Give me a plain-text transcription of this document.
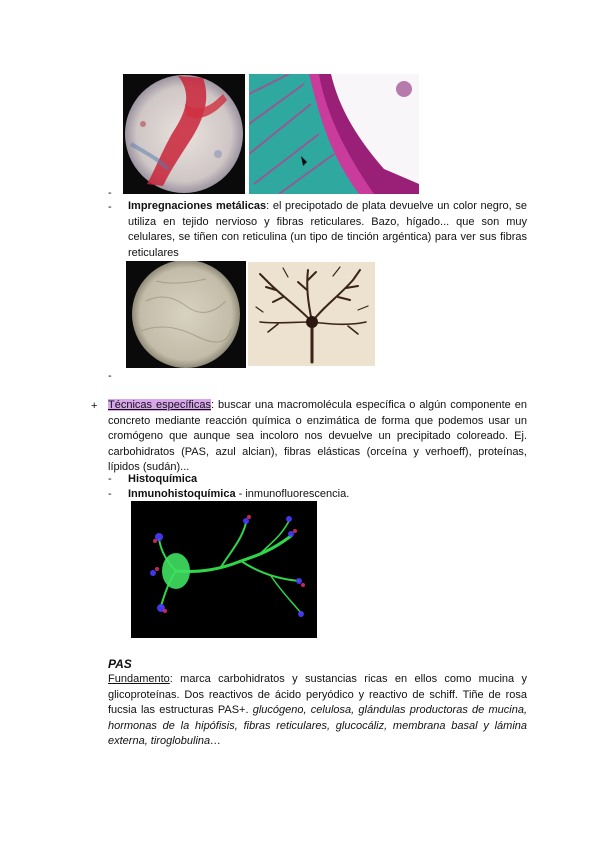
-
- Impregnaciones metálicas: el precipotado de plata devuelve un color negro, se utiliza en tejido nervioso y fibras reticulares. Bazo, hígado... que son muy celulares, se tiñen con reticulina (un tipo de tinción argéntica) para ver sus fibras reticulares
-
+ Técnicas específicas: buscar una macromolécula específica o algún componente en concreto mediante reacción química o enzimática de forma que podemos usar un cromógeno que aunque sea incoloro nos devuelve un precipitado coloreado. Ej. carbohidratos (PAS, azul alcian), fibras elásticas (orceína y verhoeff), proteínas, lípidos (sudán)...
- Histoquímica
- Inmunohistoquímica - inmunofluorescencia.
PAS
Fundamento: marca carbohidratos y sustancias ricas en ellos como mucina y glicoproteínas. Dos reactivos de ácido peryódico y reactivo de schiff. Tiñe de rosa fucsia las estructuras PAS+. glucógeno, celulosa, glándulas productoras de mucina, hormonas de la hipófisis, fibras reticulares, glucocáliz, membrana basal y lámina externa, tiroglobulina…
